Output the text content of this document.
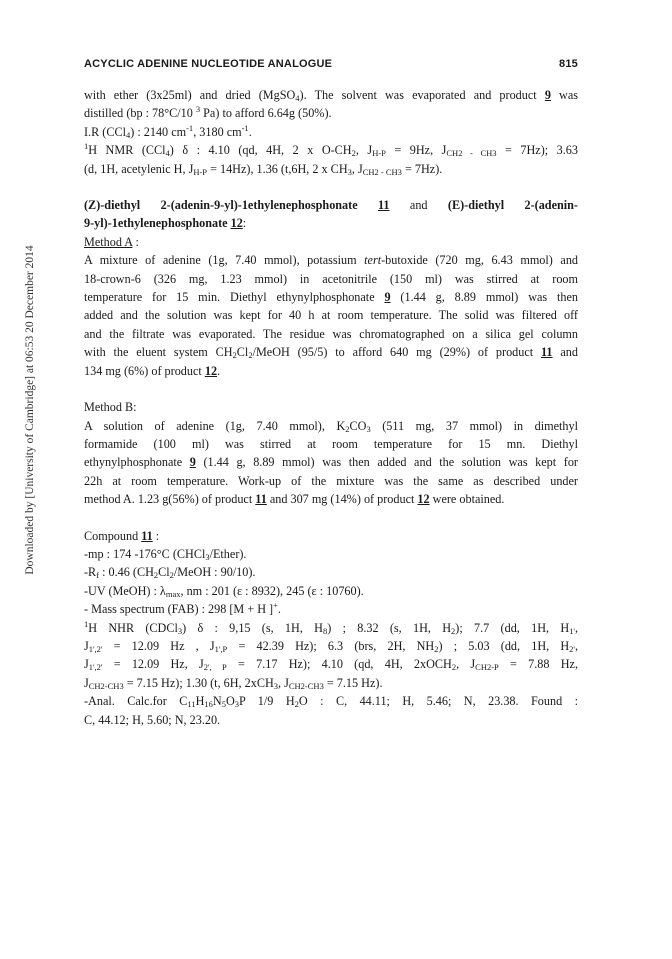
Downloaded by [University of Cambridge] at 06:53 20 December 2014
ACYCLIC ADENINE NUCLEOTIDE ANALOGUE	815
with ether (3x25ml) and dried (MgSO$_4$). The solvent was evaporated and product 9 was
distilled (bp : 78°C/10 $^3$ Pa) to afford 6.64g (50%).
I.R (CCl$_4$) : 2140 $cm^{-1}$, 3180 $cm^{-1}$.
$^1$H NMR (CCl$_4$) δ : 4.10 (qd, 4H, 2 x $O-CH_2$, $J_{H-P} = 9Hz$, $J_{CH2 - CH3} = 7Hz$); 3.63
(d, 1H, acetylenic H, $J_{H-P} = 14Hz$), 1.36 (t,6H, 2 x $CH_3$, $J_{CH2 - CH3} = 7Hz$).
(Z)-diethyl 2-(adenin-9-yl)-1ethylenephosphonate 11 and (E)-diethyl 2-(adenin-
9-yl)-1ethylenephosphonate 12:
Method A :
A mixture of adenine (1g, 7.40 mmol), potassium tert-butoxide (720 mg, 6.43 mmol) and
18-crown-6 (326 mg, 1.23 mmol) in acetonitrile (150 ml) was stirred at room
temperature for 15 min. Diethyl ethynylphosphonate 9 (1.44 g, 8.89 mmol) was then
added and the solution was kept for 40 h at room temperature. The solid was filtered off
and the filtrate was evaporated. The residue was chromatographed on a silica gel column
with the eluent system $CH_2Cl_2$/MeOH (95/5) to afford 640 mg (29%) of product 11 and
134 mg (6%) of product 12.
Method B:
A solution of adenine (1g, 7.40 mmol), $K_2CO_3$ (511 mg, 37 mmol) in dimethyl
formamide (100 ml) was stirred at room temperature for 15 mn. Diethyl
ethynylphosphonate 9 (1.44 g, 8.89 mmol) was then added and the solution was kept for
22h at room temperature. Work-up of the mixture was the same as described under
method A. 1.23 g(56%) of product 11 and 307 mg (14%) of product 12 were obtained.
Compound 11 :
-mp : 174 -176°C (CHCl$_3$/Ether).
$-R_f$ : 0.46 ($CH_2Cl_2$/MeOH : 90/10).
-UV (MeOH) : $\lambda_{max}$, nm : 201 (ε : 8932), 245 (ε : 10760).
- Mass spectrum (FAB) : 298 [M + H ]+.
$^1$H NHR (CDCl$_3$) δ : 9,15 (s, 1H, $H_8$) ; 8.32 (s, 1H, $H_2$); 7.7 (dd, 1H, $H_{1'}$,
$J_{1',2'} = 12.09$ Hz , $J_{1',P} = 42.39$ Hz); 6.3 (brs, 2H, $NH_2$) ; 5.03 (dd, 1H, $H_{2'}$,
$J_{1',2'} = 12.09$ Hz, $J_{2', P} = 7.17$ Hz); 4.10 (qd, 4H, 2xOCH$_2$, $J_{CH2-P} = 7.88$ Hz,
$J_{CH2-CH3} = 7.15$ Hz); 1.30 (t, 6H, 2xCH$_3$, $J_{CH2-CH3} = 7.15$ Hz).
-Anal. Calc.for $C_{11}H_{16}N_5O_3P$ 1/9 $H_2O$ : C, 44.11; H, 5.46; N, 23.38. Found :
C, 44.12; H, 5.60; N, 23.20.
